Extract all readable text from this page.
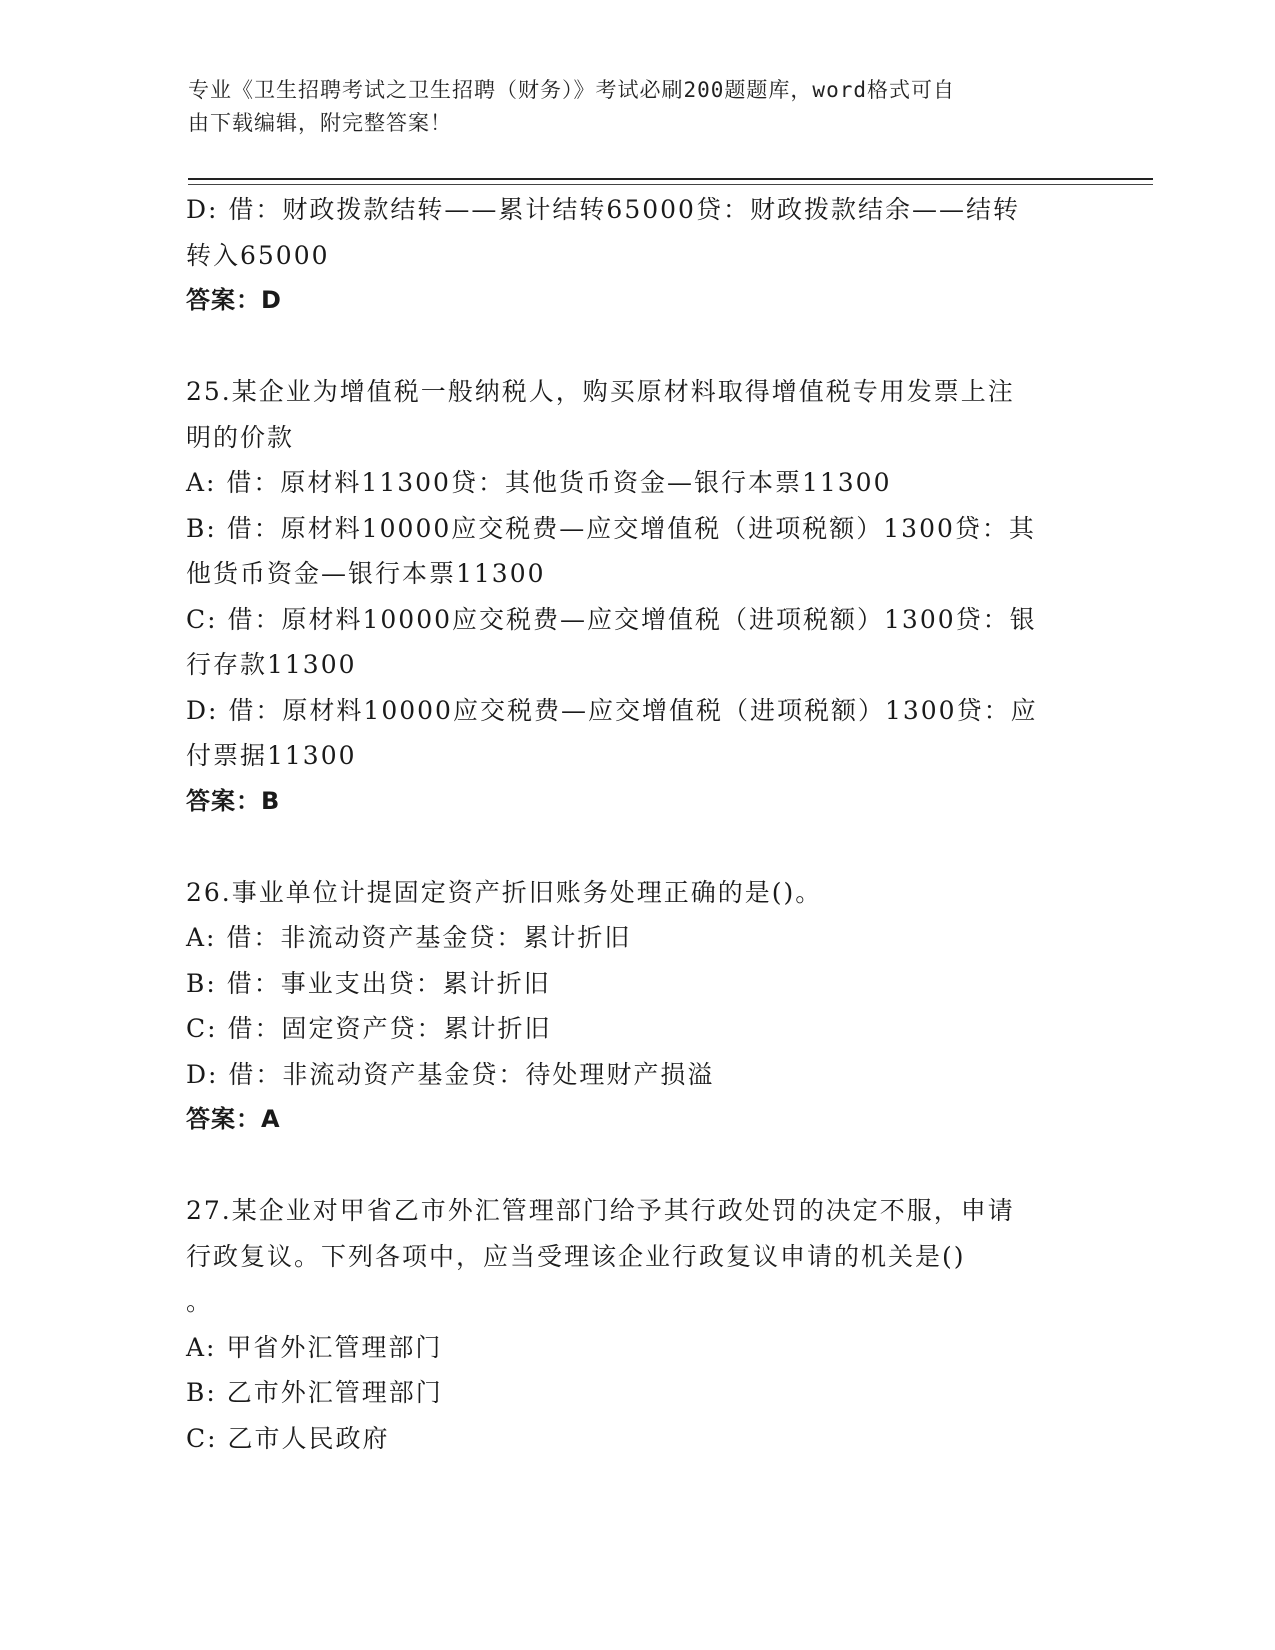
专业《卫生招聘考试之卫生招聘（财务）》考试必刷200题题库，word格式可自
由下载编辑，附完整答案！
D: 借：财政拨款结转——累计结转65000贷：财政拨款结余——结转
转入65000
答案：D
25.某企业为增值税一般纳税人，购买原材料取得增值税专用发票上注
明的价款
A: 借：原材料11300贷：其他货币资金—银行本票11300
B: 借：原材料10000应交税费—应交增值税（进项税额）1300贷：其
他货币资金—银行本票11300
C: 借：原材料10000应交税费—应交增值税（进项税额）1300贷：银
行存款11300
D: 借：原材料10000应交税费—应交增值税（进项税额）1300贷：应
付票据11300
答案：B
26.事业单位计提固定资产折旧账务处理正确的是()。
A: 借：非流动资产基金贷：累计折旧
B: 借：事业支出贷：累计折旧
C: 借：固定资产贷：累计折旧
D: 借：非流动资产基金贷：待处理财产损溢
答案：A
27.某企业对甲省乙市外汇管理部门给予其行政处罚的决定不服，申请
行政复议。下列各项中，应当受理该企业行政复议申请的机关是()
。
A: 甲省外汇管理部门
B: 乙市外汇管理部门
C: 乙市人民政府
